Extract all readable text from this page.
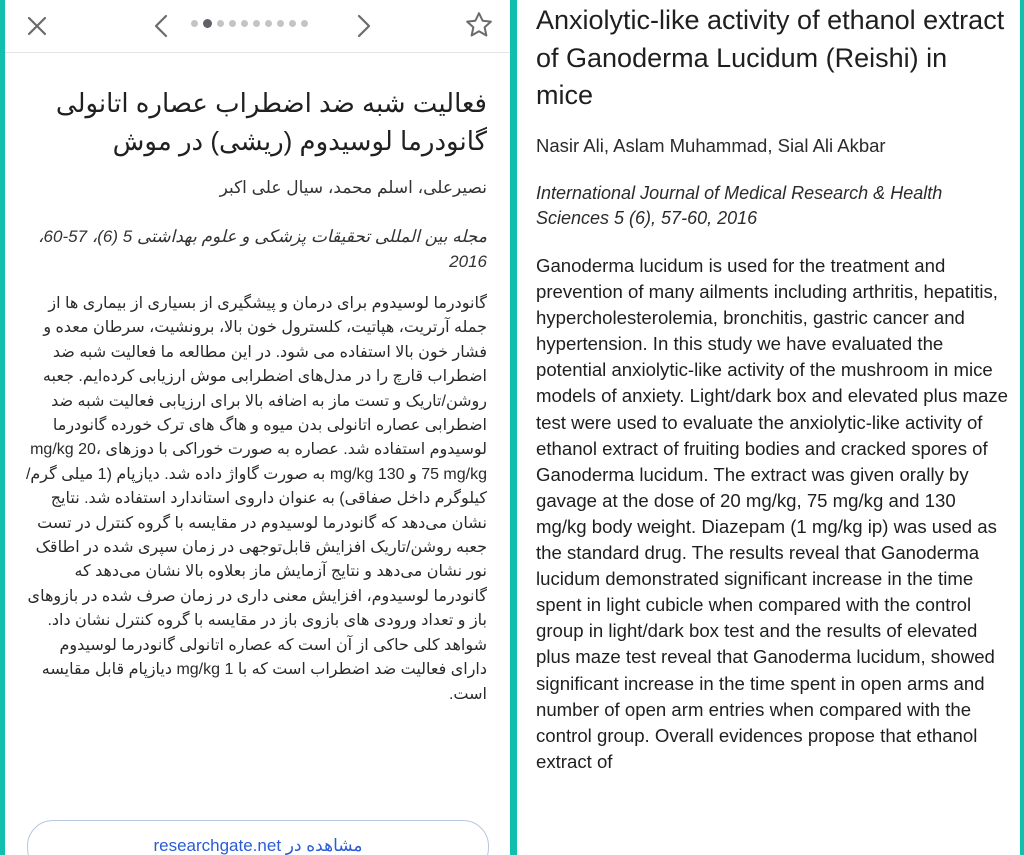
فعالیت شبه ضد اضطراب عصاره اتانولی گانودرما لوسیدوم (ریشی) در موش
نصیرعلی، اسلم محمد، سیال علی اکبر
مجله بین المللی تحقیقات پزشکی و علوم بهداشتی 5 (6)، 57-60، 2016
گانودرما لوسیدوم برای درمان و پیشگیری از بسیاری از بیماری ها از جمله آرتریت، هپاتیت، کلسترول خون بالا، برونشیت، سرطان معده و فشار خون بالا استفاده می شود. در این مطالعه ما فعالیت شبه ضد اضطراب قارچ را در مدل‌های اضطرابی موش ارزیابی کرده‌ایم. جعبه روشن/تاریک و تست ماز به اضافه بالا برای ارزیابی فعالیت شبه ضد اضطرابی عصاره اتانولی بدن میوه و هاگ های ترک خورده گانودرما لوسیدوم استفاده شد. عصاره به صورت خوراکی با دوزهای mg/kg 20، 75 mg/kg و 130 mg/kg به صورت گاواژ داده شد. دیازپام (1 میلی گرم/کیلوگرم داخل صفاقی) به عنوان داروی استاندارد استفاده شد. نتایج نشان می‌دهد که گانودرما لوسیدوم در مقایسه با گروه کنترل در تست جعبه روشن/تاریک افزایش قابل‌توجهی در زمان سپری شده در اطاقک نور نشان می‌دهد و نتایج آزمایش ماز بعلاوه بالا نشان می‌دهد که گانودرما لوسیدوم، افزایش معنی داری در زمان صرف شده در بازوهای باز و تعداد ورودی های بازوی باز در مقایسه با گروه کنترل نشان داد. شواهد کلی حاکی از آن است که عصاره اتانولی گانودرما لوسیدوم دارای فعالیت ضد اضطراب است که با 1 mg/kg دیازپام قابل مقایسه است.
مشاهده در researchgate.net
Anxiolytic-like activity of ethanol extract of Ganoderma Lucidum (Reishi) in mice
Nasir Ali, Aslam Muhammad, Sial Ali Akbar
International Journal of Medical Research & Health Sciences 5 (6), 57-60, 2016
Ganoderma lucidum is used for the treatment and prevention of many ailments including arthritis, hepatitis, hypercholesterolemia, bronchitis, gastric cancer and hypertension. In this study we have evaluated the potential anxiolytic-like activity of the mushroom in mice models of anxiety. Light/dark box and elevated plus maze test were used to evaluate the anxiolytic-like activity of ethanol extract of fruiting bodies and cracked spores of Ganoderma lucidum. The extract was given orally by gavage at the dose of 20 mg/kg, 75 mg/kg and 130 mg/kg body weight. Diazepam (1 mg/kg ip) was used as the standard drug. The results reveal that Ganoderma lucidum demonstrated significant increase in the time spent in light cubicle when compared with the control group in light/dark box test and the results of elevated plus maze test reveal that Ganoderma lucidum, showed significant increase in the time spent in open arms and number of open arm entries when compared with the control group. Overall evidences propose that ethanol extract of
